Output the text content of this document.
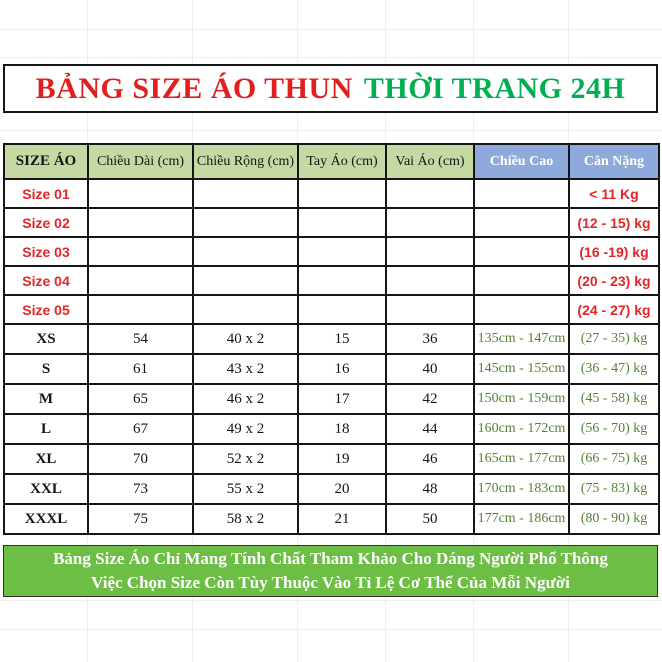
BẢNG SIZE ÁO THUN THỜI TRANG 24H
SIZE ÁO	Chiều Dài (cm)	Chiều Rộng (cm)	Tay Áo (cm)	Vai Áo (cm)	Chiều Cao	Cân Nặng
Size 01						< 11 Kg
Size 02						(12 - 15) kg
Size 03						(16 -19) kg
Size 04						(20 - 23) kg
Size 05						(24 - 27) kg
XS	54	40 x 2	15	36	135cm - 147cm	(27 - 35) kg
S	61	43 x 2	16	40	145cm - 155cm	(36 - 47) kg
M	65	46 x 2	17	42	150cm - 159cm	(45 - 58) kg
L	67	49 x 2	18	44	160cm - 172cm	(56 - 70) kg
XL	70	52 x 2	19	46	165cm - 177cm	(66 - 75) kg
XXL	73	55 x 2	20	48	170cm - 183cm	(75 - 83) kg
XXXL	75	58 x 2	21	50	177cm - 186cm	(80 - 90) kg
Bảng Size Áo Chỉ Mang Tính Chất Tham Khảo Cho Dáng Người Phổ Thông
Việc Chọn Size Còn Tùy Thuộc Vào Tỉ Lệ Cơ Thể Của Mỗi Người
